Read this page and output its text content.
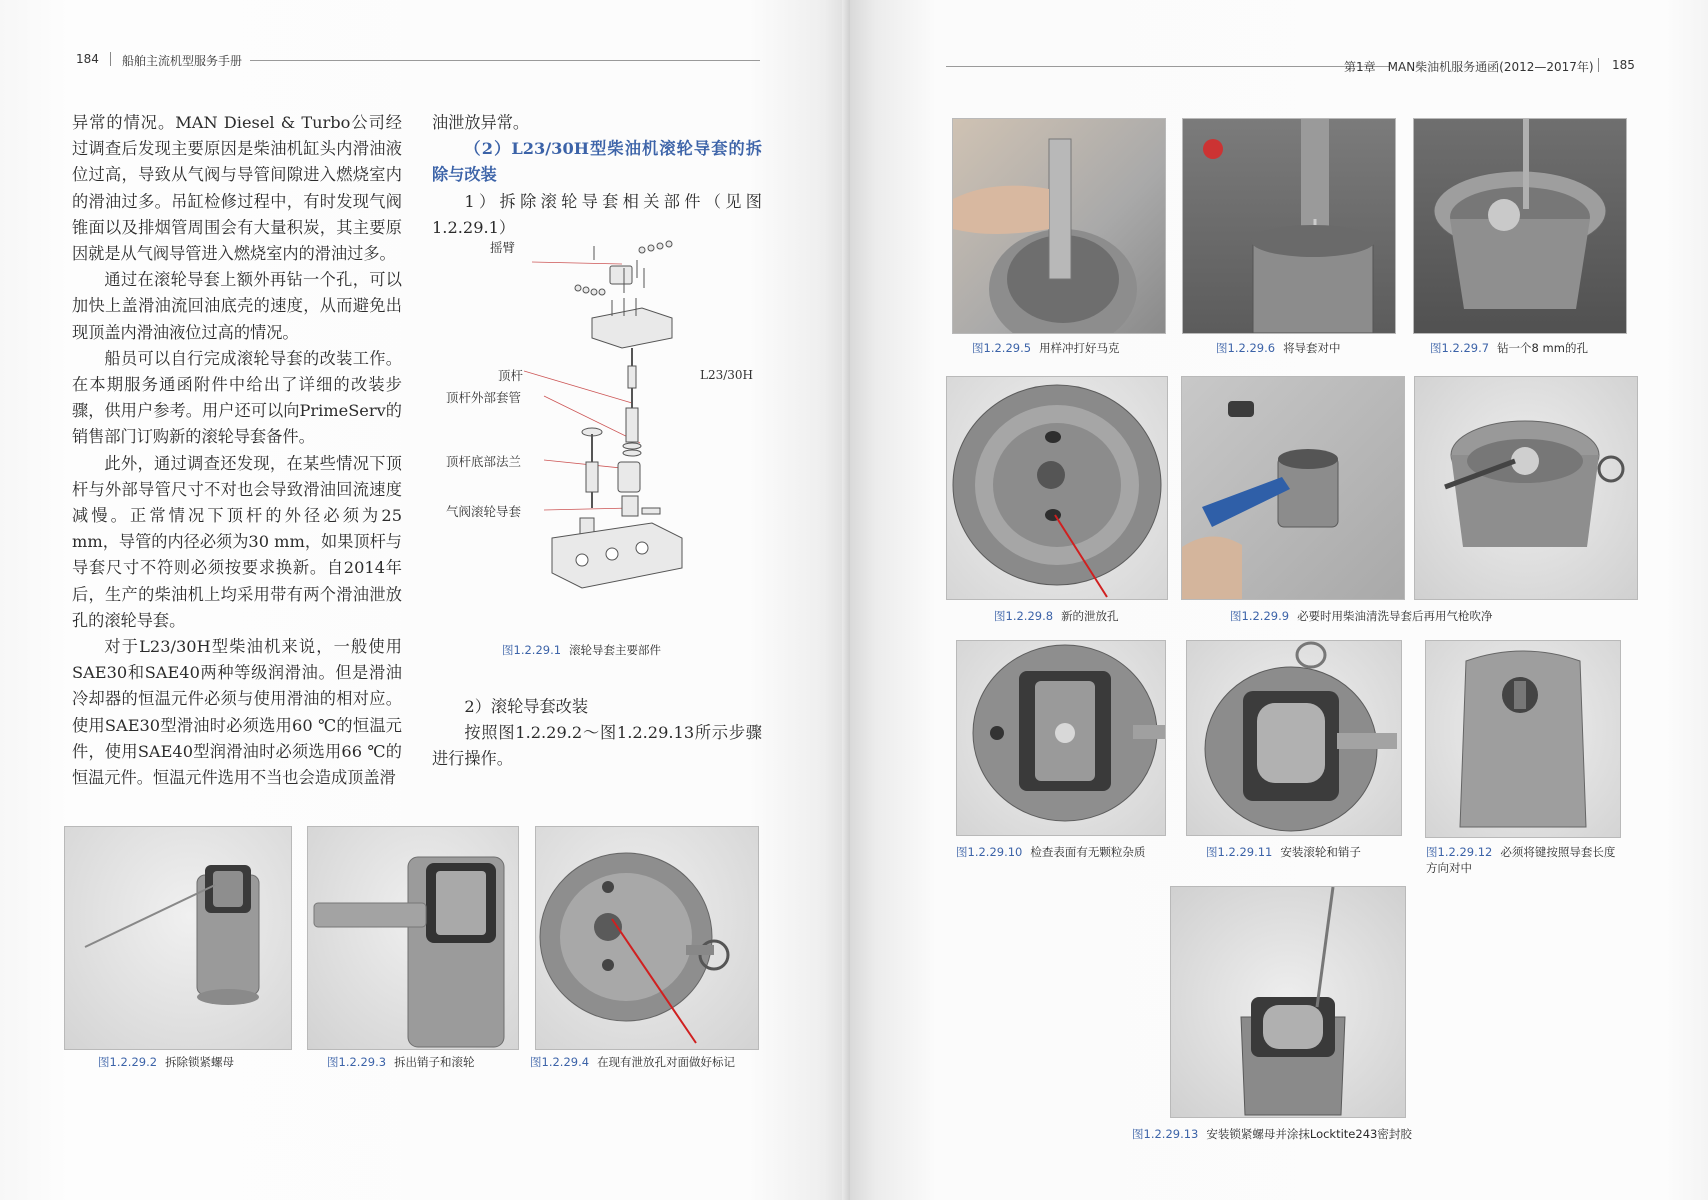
184 船舶主流机型服务手册

异常的情况。MAN Diesel & Turbo公司经过调查后发现主要原因是柴油机缸头内滑油液位过高，导致从气阀与导管间隙进入燃烧室内的滑油过多。吊缸检修过程中，有时发现气阀锥面以及排烟管周围会有大量积炭，其主要原因就是从气阀导管进入燃烧室内的滑油过多。

通过在滚轮导套上额外再钻一个孔，可以加快上盖滑油流回油底壳的速度，从而避免出现顶盖内滑油液位过高的情况。

船员可以自行完成滚轮导套的改装工作。在本期服务通函附件中给出了详细的改装步骤，供用户参考。用户还可以向PrimeServ的销售部门订购新的滚轮导套备件。

此外，通过调查还发现，在某些情况下顶杆与外部导管尺寸不对也会导致滑油回流速度减慢。正常情况下顶杆的外径必须为25 mm，导管的内径必须为30 mm，如果顶杆与导套尺寸不符则必须按要求换新。自2014年后，生产的柴油机上均采用带有两个滑油泄放孔的滚轮导套。

对于L23/30H型柴油机来说，一般使用SAE30和SAE40两种等级润滑油。但是滑油冷却器的恒温元件必须与使用滑油的相对应。使用SAE30型滑油时必须选用60 ℃的恒温元件，使用SAE40型润滑油时必须选用66 ℃的恒温元件。恒温元件选用不当也会造成顶盖滑

油泄放异常。

（2）L23/30H型柴油机滚轮导套的拆除与改装

1）拆除滚轮导套相关部件（见图1.2.29.1）

摇臂
顶杆
顶杆外部套管
顶杆底部法兰
气阀滚轮导套
L23/30H
图1.2.29.1 滚轮导套主要部件

2）滚轮导套改装

按照图1.2.29.2～图1.2.29.13所示步骤进行操作。

图1.2.29.2 拆除锁紧螺母	图1.2.29.3 拆出销子和滚轮	图1.2.29.4 在现有泄放孔对面做好标记
第1章　MAN柴油机服务通函(2012—2017年) 185
图1.2.29.5 用样冲打好马克	图1.2.29.6 将导套对中	图1.2.29.7 钻一个8 mm的孔
图1.2.29.8 新的泄放孔	图1.2.29.9 必要时用柴油清洗导套后再用气枪吹净
图1.2.29.10 检查表面有无颗粒杂质	图1.2.29.11 安装滚轮和销子	图1.2.29.12 必须将键按照导套长度方向对中
图1.2.29.13 安装锁紧螺母并涂抹Locktite243密封胶
